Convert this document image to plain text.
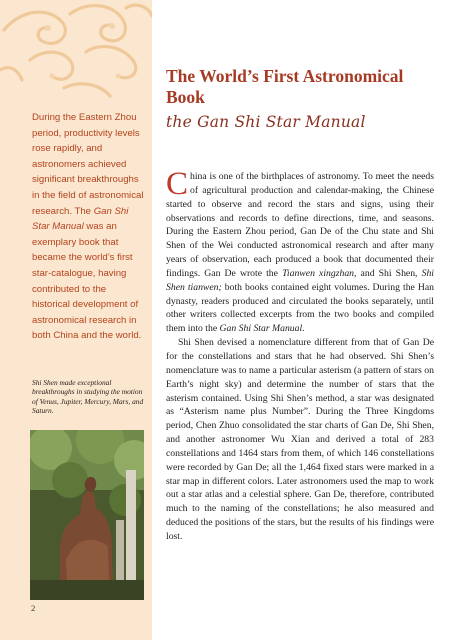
During the Eastern Zhou period, productivity levels rose rapidly, and astronomers achieved significant breakthroughs in the field of astronomical research. The Gan Shi Star Manual was an exemplary book that became the world’s first star-catalogue, having contributed to the historical development of astronomical research in both China and the world.
Shi Shen made exceptional breakthroughs in studying the motion of Venus, Jupiter, Mercury, Mars, and Saturn.
2
The World’s First Astronomical Book
the Gan Shi Star Manual

China is one of the birthplaces of astronomy. To meet the needs of agricultural production and calendar-making, the Chinese started to observe and record the stars and signs, using their observations and records to define directions, time, and seasons. During the Eastern Zhou period, Gan De of the Chu state and Shi Shen of the Wei conducted astronomical research and after many years of observation, each produced a book that documented their findings. Gan De wrote the Tianwen xingzhan, and Shi Shen, Shi Shen tianwen; both books contained eight volumes. During the Han dynasty, readers produced and circulated the books separately, until other writers collected excerpts from the two books and compiled them into the Gan Shi Star Manual.

Shi Shen devised a nomenclature different from that of Gan De for the constellations and stars that he had observed. Shi Shen’s nomenclature was to name a particular asterism (a pattern of stars on Earth’s night sky) and determine the number of stars that the asterism contained. Using Shi Shen’s method, a star was designated as “Asterism name plus Number”. During the Three Kingdoms period, Chen Zhuo consolidated the star charts of Gan De, Shi Shen, and another astronomer Wu Xian and derived a total of 283 constellations and 1464 stars from them, of which 146 constellations were recorded by Gan De; all the 1,464 fixed stars were marked in a star map in different colors. Later astronomers used the map to work out a star atlas and a celestial sphere. Gan De, therefore, contributed much to the naming of the constellations; he also measured and deduced the positions of the stars, but the results of his findings were lost.
